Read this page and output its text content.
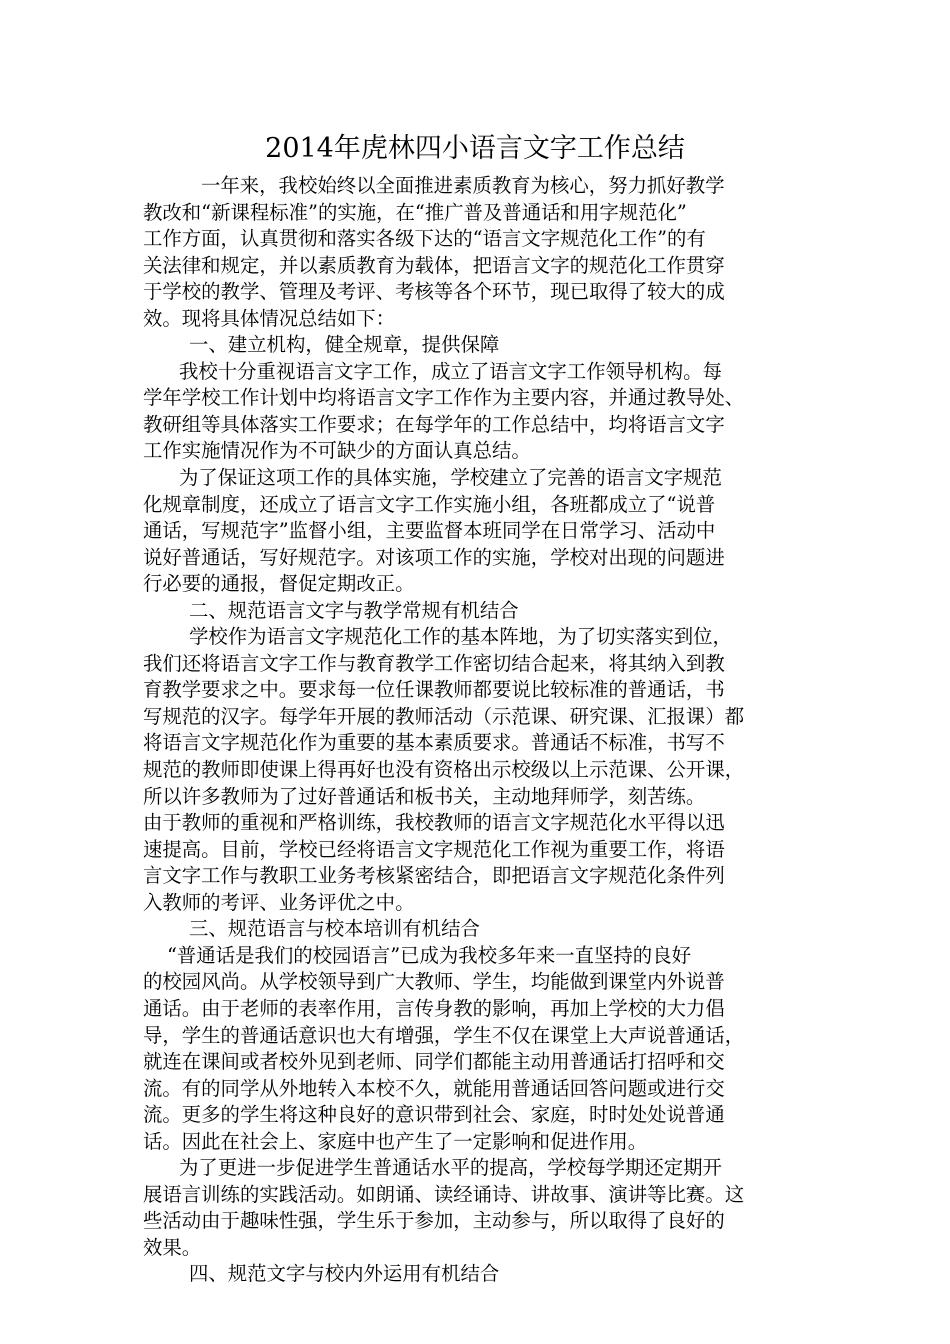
2014年虎林四小语言文字工作总结
一年来，我校始终以全面推进素质教育为核心，努力抓好教学
教改和“新课程标准”的实施，在“推广普及普通话和用字规范化”
工作方面，认真贯彻和落实各级下达的“语言文字规范化工作”的有
关法律和规定，并以素质教育为载体，把语言文字的规范化工作贯穿
于学校的教学、管理及考评、考核等各个环节，现已取得了较大的成
效。现将具体情况总结如下：
一、建立机构，健全规章，提供保障
我校十分重视语言文字工作，成立了语言文字工作领导机构。每
学年学校工作计划中均将语言文字工作作为主要内容，并通过教导处、
教研组等具体落实工作要求；在每学年的工作总结中，均将语言文字
工作实施情况作为不可缺少的方面认真总结。
为了保证这项工作的具体实施，学校建立了完善的语言文字规范
化规章制度，还成立了语言文字工作实施小组，各班都成立了“说普
通话，写规范字”监督小组，主要监督本班同学在日常学习、活动中
说好普通话，写好规范字。对该项工作的实施，学校对出现的问题进
行必要的通报，督促定期改正。
二、规范语言文字与教学常规有机结合
学校作为语言文字规范化工作的基本阵地，为了切实落实到位，
我们还将语言文字工作与教育教学工作密切结合起来，将其纳入到教
育教学要求之中。要求每一位任课教师都要说比较标准的普通话，书
写规范的汉字。每学年开展的教师活动（示范课、研究课、汇报课）都
将语言文字规范化作为重要的基本素质要求。普通话不标准，书写不
规范的教师即使课上得再好也没有资格出示校级以上示范课、公开课，
所以许多教师为了过好普通话和板书关，主动地拜师学，刻苦练。
由于教师的重视和严格训练，我校教师的语言文字规范化水平得以迅
速提高。目前，学校已经将语言文字规范化工作视为重要工作，将语
言文字工作与教职工业务考核紧密结合，即把语言文字规范化条件列
入教师的考评、业务评优之中。
三、规范语言与校本培训有机结合
“普通话是我们的校园语言”已成为我校多年来一直坚持的良好
的校园风尚。从学校领导到广大教师、学生，均能做到课堂内外说普
通话。由于老师的表率作用，言传身教的影响，再加上学校的大力倡
导，学生的普通话意识也大有增强，学生不仅在课堂上大声说普通话，
就连在课间或者校外见到老师、同学们都能主动用普通话打招呼和交
流。有的同学从外地转入本校不久，就能用普通话回答问题或进行交
流。更多的学生将这种良好的意识带到社会、家庭，时时处处说普通
话。因此在社会上、家庭中也产生了一定影响和促进作用。
为了更进一步促进学生普通话水平的提高，学校每学期还定期开
展语言训练的实践活动。如朗诵、读经诵诗、讲故事、演讲等比赛。这
些活动由于趣味性强，学生乐于参加，主动参与，所以取得了良好的
效果。
四、规范文字与校内外运用有机结合
